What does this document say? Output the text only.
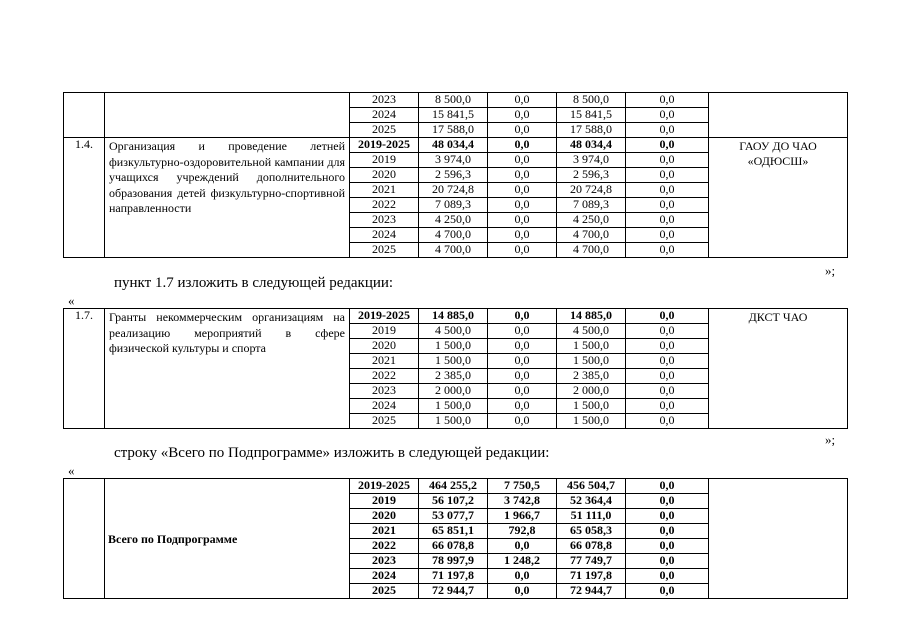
		2023	8 500,0	0,0	8 500,0	0,0	
		2024	15 841,5	0,0	15 841,5	0,0	
		2025	17 588,0	0,0	17 588,0	0,0	
1.4.	Организация и проведение летней физкультурно-оздоровительной кампании для учащихся учреждений дополнительного образования детей физкультурно-спортивной направленности	2019-2025	48 034,4	0,0	48 034,4	0,0	ГАОУ ДО ЧАО «ОДЮСШ»
		2019	3 974,0	0,0	3 974,0	0,0	
		2020	2 596,3	0,0	2 596,3	0,0	
		2021	20 724,8	0,0	20 724,8	0,0	
		2022	7 089,3	0,0	7 089,3	0,0	
		2023	4 250,0	0,0	4 250,0	0,0	
		2024	4 700,0	0,0	4 700,0	0,0	
		2025	4 700,0	0,0	4 700,0	0,0	
»;
пункт 1.7 изложить в следующей редакции:
«
1.7.	Гранты некоммерческим организациям на реализацию мероприятий в сфере физической культуры и спорта	2019-2025	14 885,0	0,0	14 885,0	0,0	ДКСТ ЧАО
		2019	4 500,0	0,0	4 500,0	0,0	
		2020	1 500,0	0,0	1 500,0	0,0	
		2021	1 500,0	0,0	1 500,0	0,0	
		2022	2 385,0	0,0	2 385,0	0,0	
		2023	2 000,0	0,0	2 000,0	0,0	
		2024	1 500,0	0,0	1 500,0	0,0	
		2025	1 500,0	0,0	1 500,0	0,0	
»;
строку «Всего по Подпрограмме» изложить в следующей редакции:
«
	Всего по Подпрограмме	2019-2025	464 255,2	7 750,5	456 504,7	0,0	
		2019	56 107,2	3 742,8	52 364,4	0,0	
		2020	53 077,7	1 966,7	51 111,0	0,0	
		2021	65 851,1	792,8	65 058,3	0,0	
		2022	66 078,8	0,0	66 078,8	0,0	
		2023	78 997,9	1 248,2	77 749,7	0,0	
		2024	71 197,8	0,0	71 197,8	0,0	
		2025	72 944,7	0,0	72 944,7	0,0	
